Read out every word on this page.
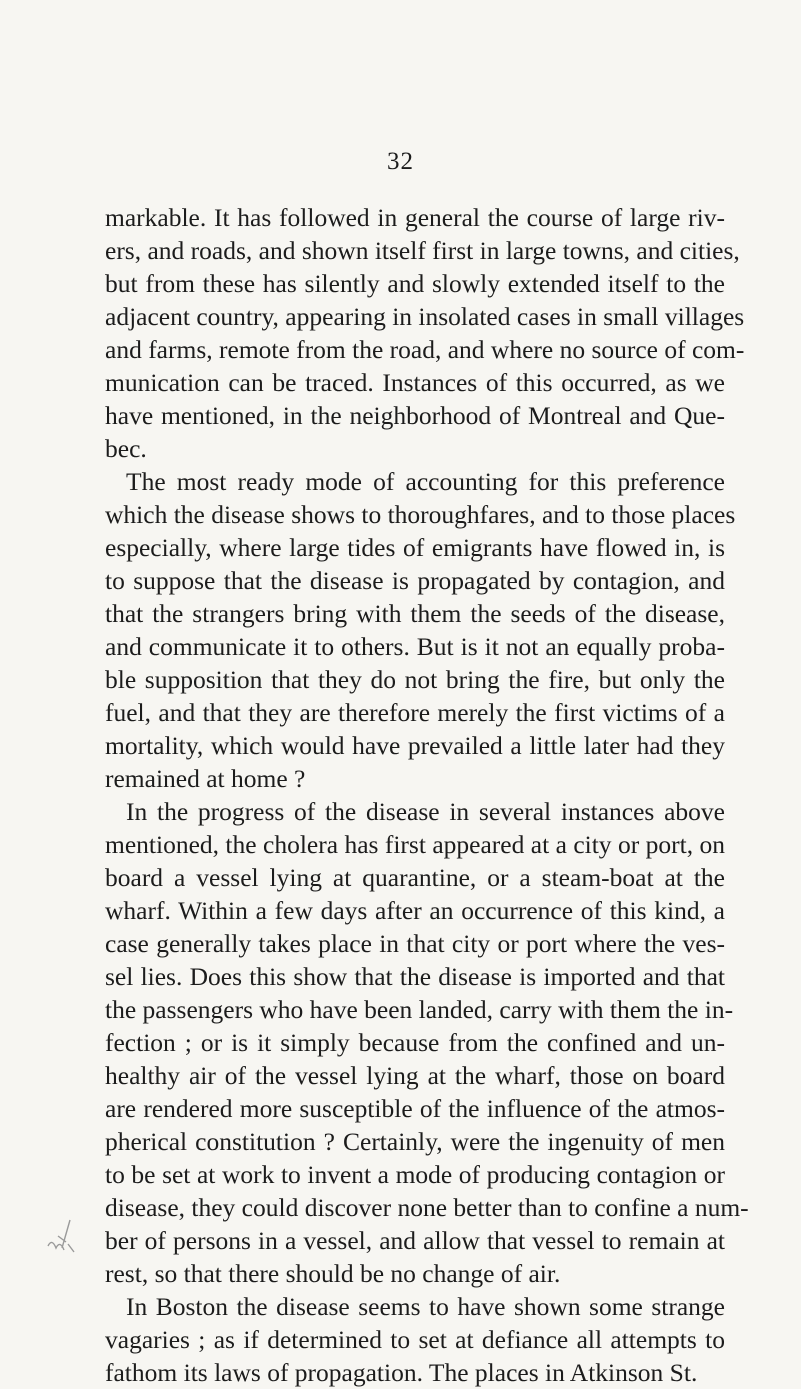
32
markable. It has followed in general the course of large riv-
ers, and roads, and shown itself first in large towns, and cities,
but from these has silently and slowly extended itself to the
adjacent country, appearing in insolated cases in small villages
and farms, remote from the road, and where no source of com-
munication can be traced. Instances of this occurred, as we
have mentioned, in the neighborhood of Montreal and Que-
bec.
The most ready mode of accounting for this preference
which the disease shows to thoroughfares, and to those places
especially, where large tides of emigrants have flowed in, is
to suppose that the disease is propagated by contagion, and
that the strangers bring with them the seeds of the disease,
and communicate it to others. But is it not an equally proba-
ble supposition that they do not bring the fire, but only the
fuel, and that they are therefore merely the first victims of a
mortality, which would have prevailed a little later had they
remained at home ?
In the progress of the disease in several instances above
mentioned, the cholera has first appeared at a city or port, on
board a vessel lying at quarantine, or a steam-boat at the
wharf. Within a few days after an occurrence of this kind, a
case generally takes place in that city or port where the ves-
sel lies. Does this show that the disease is imported and that
the passengers who have been landed, carry with them the in-
fection ; or is it simply because from the confined and un-
healthy air of the vessel lying at the wharf, those on board
are rendered more susceptible of the influence of the atmos-
pherical constitution ? Certainly, were the ingenuity of men
to be set at work to invent a mode of producing contagion or
disease, they could discover none better than to confine a num-
ber of persons in a vessel, and allow that vessel to remain at
rest, so that there should be no change of air.
In Boston the disease seems to have shown some strange
vagaries ; as if determined to set at defiance all attempts to
fathom its laws of propagation. The places in Atkinson St.
